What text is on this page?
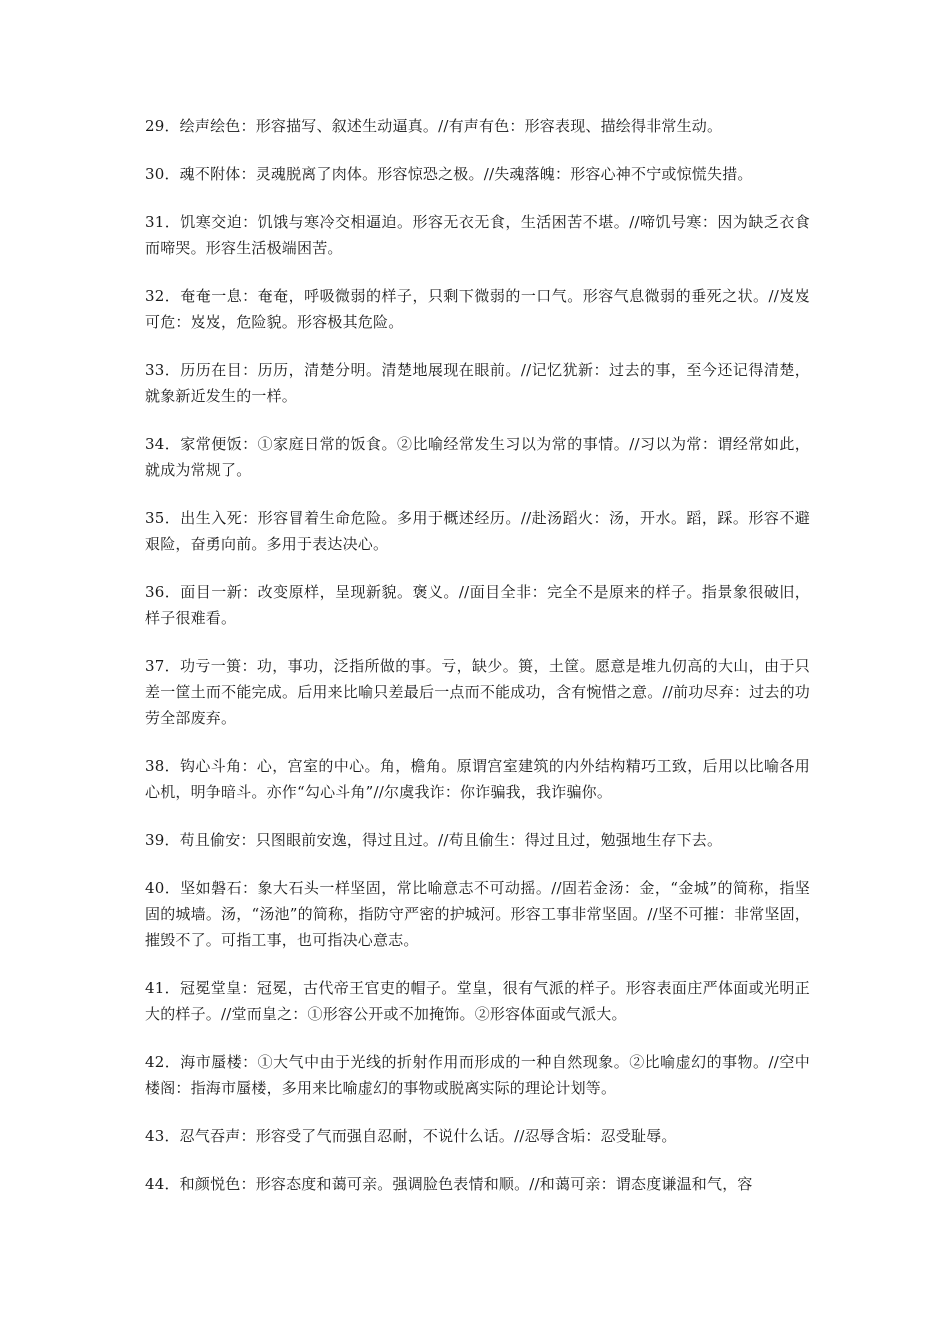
29．绘声绘色：形容描写、叙述生动逼真。//有声有色：形容表现、描绘得非常生动。

30．魂不附体：灵魂脱离了肉体。形容惊恐之极。//失魂落魄：形容心神不宁或惊慌失措。

31．饥寒交迫：饥饿与寒冷交相逼迫。形容无衣无食，生活困苦不堪。//啼饥号寒：因为缺乏衣食而啼哭。形容生活极端困苦。

32．奄奄一息：奄奄，呼吸微弱的样子，只剩下微弱的一口气。形容气息微弱的垂死之状。//岌岌可危：岌岌，危险貌。形容极其危险。

33．历历在目：历历，清楚分明。清楚地展现在眼前。//记忆犹新：过去的事，至今还记得清楚，就象新近发生的一样。

34．家常便饭：①家庭日常的饭食。②比喻经常发生习以为常的事情。//习以为常：谓经常如此，就成为常规了。

35．出生入死：形容冒着生命危险。多用于概述经历。//赴汤蹈火：汤，开水。蹈，踩。形容不避艰险，奋勇向前。多用于表达决心。

36．面目一新：改变原样，呈现新貌。褒义。//面目全非：完全不是原来的样子。指景象很破旧，样子很难看。

37．功亏一篑：功，事功，泛指所做的事。亏，缺少。篑，土筐。愿意是堆九仞高的大山，由于只差一筐土而不能完成。后用来比喻只差最后一点而不能成功，含有惋惜之意。//前功尽弃：过去的功劳全部废弃。

38．钩心斗角：心，宫室的中心。角，檐角。原谓宫室建筑的内外结构精巧工致，后用以比喻各用心机，明争暗斗。亦作“勾心斗角”//尔虞我诈：你诈骗我，我诈骗你。

39．苟且偷安：只图眼前安逸，得过且过。//苟且偷生：得过且过，勉强地生存下去。

40．坚如磐石：象大石头一样坚固，常比喻意志不可动摇。//固若金汤：金，“金城”的简称，指坚固的城墙。汤，“汤池”的简称，指防守严密的护城河。形容工事非常坚固。//坚不可摧：非常坚固，摧毁不了。可指工事，也可指决心意志。

41．冠冕堂皇：冠冕，古代帝王官吏的帽子。堂皇，很有气派的样子。形容表面庄严体面或光明正大的样子。//堂而皇之：①形容公开或不加掩饰。②形容体面或气派大。

42．海市蜃楼：①大气中由于光线的折射作用而形成的一种自然现象。②比喻虚幻的事物。//空中楼阁：指海市蜃楼，多用来比喻虚幻的事物或脱离实际的理论计划等。

43．忍气吞声：形容受了气而强自忍耐，不说什么话。//忍辱含垢：忍受耻辱。

44．和颜悦色：形容态度和蔼可亲。强调脸色表情和顺。//和蔼可亲：谓态度谦温和气，容
